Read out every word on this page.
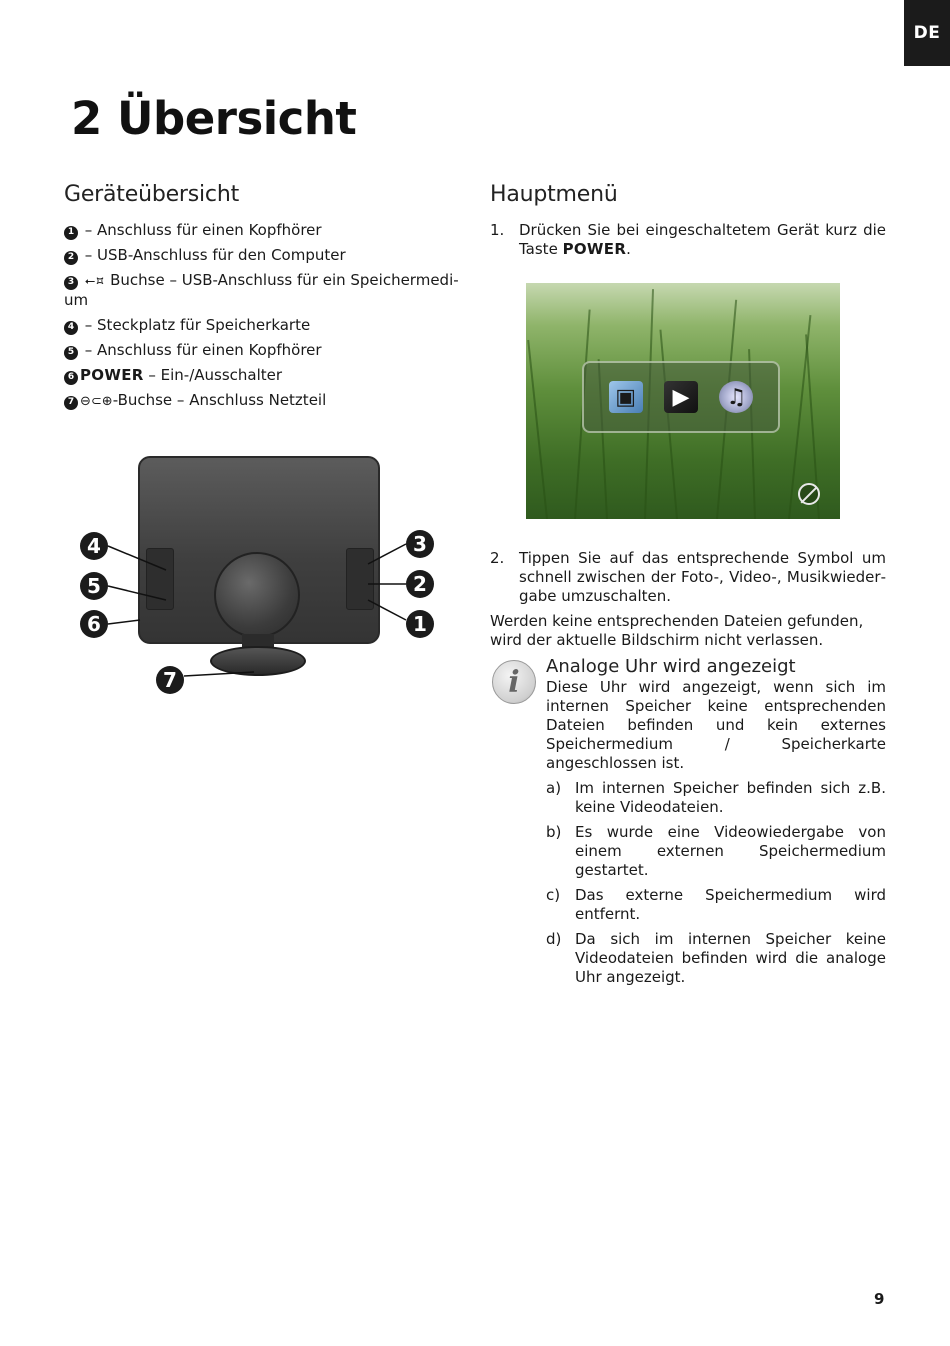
DE
2 Übersicht
Geräteübersicht
1 – Anschluss für einen Kopfhörer
2 – USB-Anschluss für den Computer
3 ⭠⯏ Buchse – USB-Anschluss für ein Speichermedium
4 – Steckplatz für Speicherkarte
5 – Anschluss für einen Kopfhörer
6 POWER – Ein-/Ausschalter
7 ⊖⊂⊕-Buchse – Anschluss Netzteil
4
5
6
3
2
1
7
Hauptmenü
1. Drücken Sie bei eingeschaltetem Gerät kurz die Taste POWER.
▣	▶	♫
2. Tippen Sie auf das entsprechende Symbol um schnell zwischen der Foto-, Video-, Musikwiedergabe umzuschalten.

Werden keine entsprechenden Dateien gefunden, wird der aktuelle Bildschirm nicht verlassen.

i	Analoge Uhr wird angezeigt

Diese Uhr wird angezeigt, wenn sich im internen Speicher keine entsprechenden Dateien befinden und kein externes Speichermedium / Speicherkarte angeschlossen ist.

a) Im internen Speicher befinden sich z.B. keine Videodateien.
b) Es wurde eine Videowiedergabe von einem externen Speichermedium gestartet.
c) Das externe Speichermedium wird entfernt.
d) Da sich im internen Speicher keine Videodateien befinden wird die analoge Uhr angezeigt.
9
